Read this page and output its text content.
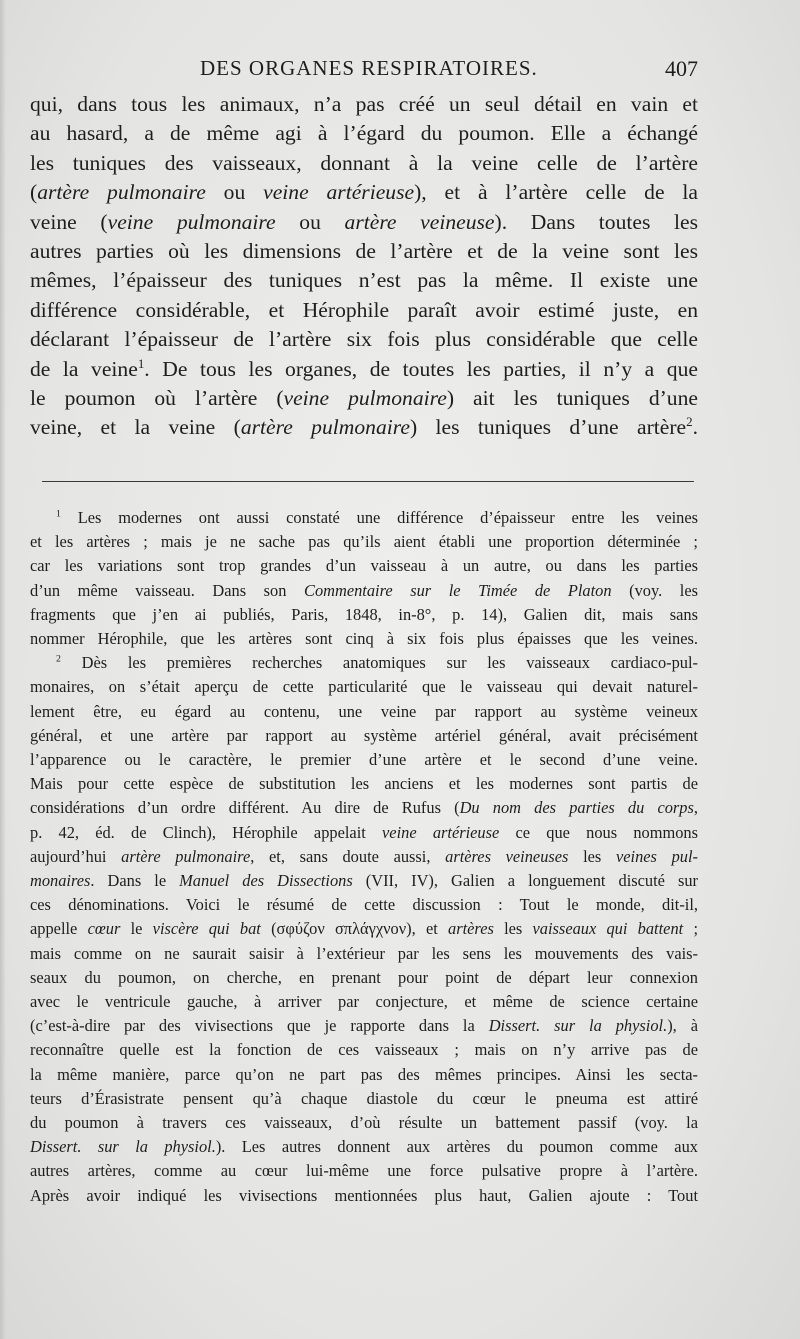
DES ORGANES RESPIRATOIRES.	407

qui, dans tous les animaux, n’a pas créé un seul détail en vain et

au hasard, a de même agi à l’égard du poumon. Elle a échangé

les tuniques des vaisseaux, donnant à la veine celle de l’artère

(artère pulmonaire ou veine artérieuse), et à l’artère celle de la

veine (veine pulmonaire ou artère veineuse). Dans toutes les

autres parties où les dimensions de l’artère et de la veine sont les

mêmes, l’épaisseur des tuniques n’est pas la même. Il existe une

différence considérable, et Hérophile paraît avoir estimé juste, en

déclarant l’épaisseur de l’artère six fois plus considérable que celle

de la veine$^1$. De tous les organes, de toutes les parties, il n’y a que

le poumon où l’artère (veine pulmonaire) ait les tuniques d’une

veine, et la veine (artère pulmonaire) les tuniques d’une artère$^2$.

$^1$ Les modernes ont aussi constaté une différence d’épaisseur entre les veines

et les artères ; mais je ne sache pas qu’ils aient établi une proportion déterminée ;

car les variations sont trop grandes d’un vaisseau à un autre, ou dans les parties

d’un même vaisseau. Dans son Commentaire sur le Timée de Platon (voy. les

fragments que j’en ai publiés, Paris, 1848, in-8°, p. 14), Galien dit, mais sans

nommer Hérophile, que les artères sont cinq à six fois plus épaisses que les veines.

$^2$ Dès les premières recherches anatomiques sur les vaisseaux cardiaco-pul-

monaires, on s’était aperçu de cette particularité que le vaisseau qui devait naturel-

lement être, eu égard au contenu, une veine par rapport au système veineux

général, et une artère par rapport au système artériel général, avait précisément

l’apparence ou le caractère, le premier d’une artère et le second d’une veine.

Mais pour cette espèce de substitution les anciens et les modernes sont partis de

considérations d’un ordre différent. Au dire de Rufus (Du nom des parties du corps,

p. 42, éd. de Clinch), Hérophile appelait veine artérieuse ce que nous nommons

aujourd’hui artère pulmonaire, et, sans doute aussi, artères veineuses les veines pul-

monaires. Dans le Manuel des Dissections (VII, IV), Galien a longuement discuté sur

ces dénominations. Voici le résumé de cette discussion : Tout le monde, dit-il,

appelle cœur le viscère qui bat (σφύζον σπλάγχνον), et artères les vaisseaux qui battent ;

mais comme on ne saurait saisir à l’extérieur par les sens les mouvements des vais-

seaux du poumon, on cherche, en prenant pour point de départ leur connexion

avec le ventricule gauche, à arriver par conjecture, et même de science certaine

(c’est-à-dire par des vivisections que je rapporte dans la Dissert. sur la physiol.), à

reconnaître quelle est la fonction de ces vaisseaux ; mais on n’y arrive pas de

la même manière, parce qu’on ne part pas des mêmes principes. Ainsi les secta-

teurs d’Érasistrate pensent qu’à chaque diastole du cœur le pneuma est attiré

du poumon à travers ces vaisseaux, d’où résulte un battement passif (voy. la

Dissert. sur la physiol.). Les autres donnent aux artères du poumon comme aux

autres artères, comme au cœur lui-même une force pulsative propre à l’artère.

Après avoir indiqué les vivisections mentionnées plus haut, Galien ajoute : Tout
